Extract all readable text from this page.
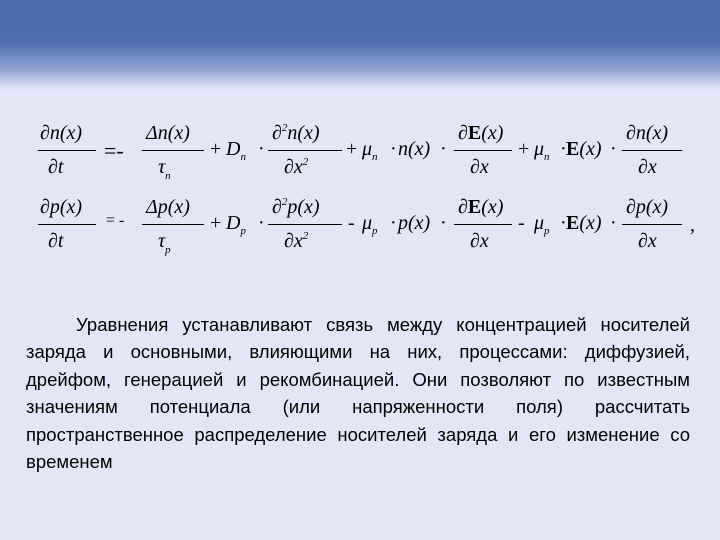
∂n(x)
∂t
=-
Δn(x)
$\tau_n$
+ $D_n$ ·
∂$^2$n(x)
$\partial x^2$
+ $\mu_n \cdot n(x)$ ·
∂E(x)
∂x
+ $\mu_n \cdot E(x)$ ·
∂n(x)
∂x
∂p(x)
∂t
= -
Δp(x)
$\tau_p$
+ $D_p$ ·
∂$^2$p(x)
$\partial x^2$
- $\mu_p \cdot p(x)$ ·
∂E(x)
∂x
- $\mu_p \cdot E(x)$ ·
∂p(x)
∂x
,

Уравнения устанавливают связь между концентрацией носителей заряда и основными, влияющими на них, процессами: диффузией, дрейфом, генерацией и рекомбинацией. Они позволяют по известным значениям потенциала (или напряженности поля) рассчитать пространственное распределение носителей заряда и его изменение со временем
